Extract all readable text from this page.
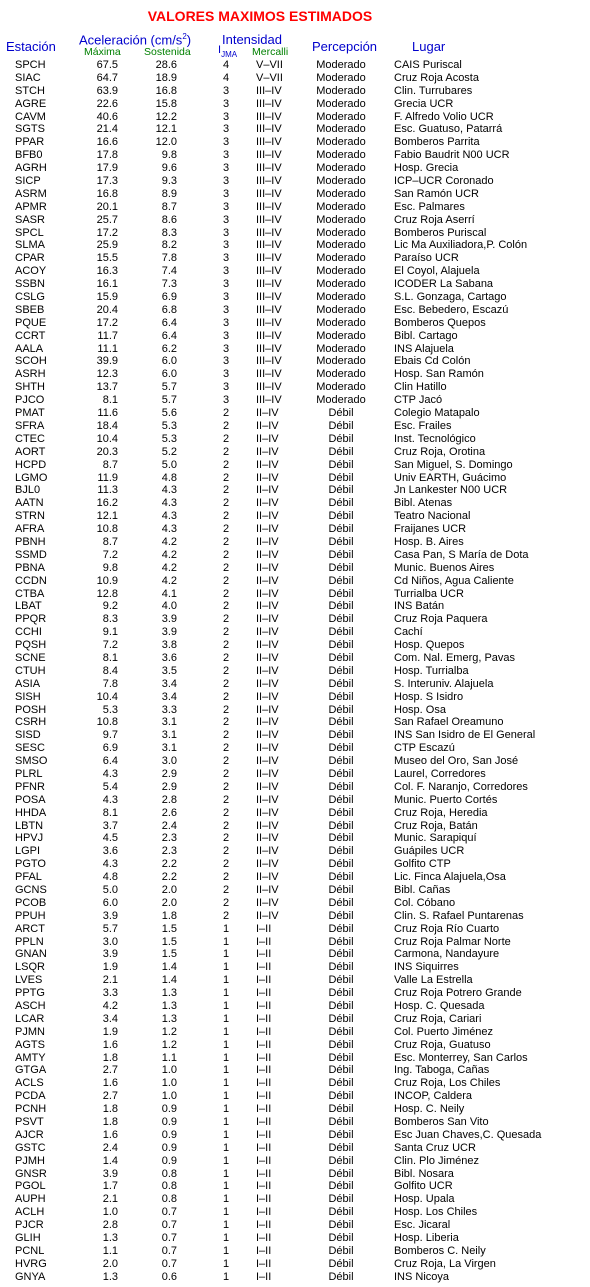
VALORES MAXIMOS ESTIMADOS
Estación Aceleración $(cm/s^2)$
Máxima Sostenida
Intensidad
$I_{JMA}$ Mercalli Percepción	Lugar
SPCH	67.5	28.6	4	V–VII	Moderado	CAIS Puriscal
SIAC	64.7	18.9	4	V–VII	Moderado	Cruz Roja Acosta
STCH	63.9	16.8	3	III–IV	Moderado	Clin. Turrubares
AGRE	22.6	15.8	3	III–IV	Moderado	Grecia UCR
CAVM	40.6	12.2	3	III–IV	Moderado	F. Alfredo Volio UCR
SGTS	21.4	12.1	3	III–IV	Moderado	Esc. Guatuso, Patarrá
PPAR	16.6	12.0	3	III–IV	Moderado	Bomberos Parrita
BFB0	17.8	9.8	3	III–IV	Moderado	Fabio Baudrit N00 UCR
AGRH	17.9	9.6	3	III–IV	Moderado	Hosp. Grecia
SICP	17.3	9.3	3	III–IV	Moderado	ICP–UCR Coronado
ASRM	16.8	8.9	3	III–IV	Moderado	San Ramón UCR
APMR	20.1	8.7	3	III–IV	Moderado	Esc. Palmares
SASR	25.7	8.6	3	III–IV	Moderado	Cruz Roja Aserrí
SPCL	17.2	8.3	3	III–IV	Moderado	Bomberos Puriscal
SLMA	25.9	8.2	3	III–IV	Moderado	Lic Ma Auxiliadora,P. Colón
CPAR	15.5	7.8	3	III–IV	Moderado	Paraíso UCR
ACOY	16.3	7.4	3	III–IV	Moderado	El Coyol, Alajuela
SSBN	16.1	7.3	3	III–IV	Moderado	ICODER La Sabana
CSLG	15.9	6.9	3	III–IV	Moderado	S.L. Gonzaga, Cartago
SBEB	20.4	6.8	3	III–IV	Moderado	Esc. Bebedero, Escazú
PQUE	17.2	6.4	3	III–IV	Moderado	Bomberos Quepos
CCRT	11.7	6.4	3	III–IV	Moderado	Bibl. Cartago
AALA	11.1	6.2	3	III–IV	Moderado	INS Alajuela
SCOH	39.9	6.0	3	III–IV	Moderado	Ebais Cd Colón
ASRH	12.3	6.0	3	III–IV	Moderado	Hosp. San Ramón
SHTH	13.7	5.7	3	III–IV	Moderado	Clin Hatillo
PJCO	8.1	5.7	3	III–IV	Moderado	CTP Jacó
PMAT	11.6	5.6	2	II–IV	Débil	Colegio Matapalo
SFRA	18.4	5.3	2	II–IV	Débil	Esc. Frailes
CTEC	10.4	5.3	2	II–IV	Débil	Inst. Tecnológico
AORT	20.3	5.2	2	II–IV	Débil	Cruz Roja, Orotina
HCPD	8.7	5.0	2	II–IV	Débil	San Miguel, S. Domingo
LGMO	11.9	4.8	2	II–IV	Débil	Univ EARTH, Guácimo
BJL0	11.3	4.3	2	II–IV	Débil	Jn Lankester N00 UCR
AATN	16.2	4.3	2	II–IV	Débil	Bibl. Atenas
STRN	12.1	4.3	2	II–IV	Débil	Teatro Nacional
AFRA	10.8	4.3	2	II–IV	Débil	Fraijanes UCR
PBNH	8.7	4.2	2	II–IV	Débil	Hosp. B. Aires
SSMD	7.2	4.2	2	II–IV	Débil	Casa Pan, S María de Dota
PBNA	9.8	4.2	2	II–IV	Débil	Munic. Buenos Aires
CCDN	10.9	4.2	2	II–IV	Débil	Cd Niños, Agua Caliente
CTBA	12.8	4.1	2	II–IV	Débil	Turrialba UCR
LBAT	9.2	4.0	2	II–IV	Débil	INS Batán
PPQR	8.3	3.9	2	II–IV	Débil	Cruz Roja Paquera
CCHI	9.1	3.9	2	II–IV	Débil	Cachí
PQSH	7.2	3.8	2	II–IV	Débil	Hosp. Quepos
SCNE	8.1	3.6	2	II–IV	Débil	Com. Nal. Emerg, Pavas
CTUH	8.4	3.5	2	II–IV	Débil	Hosp. Turrialba
ASIA	7.8	3.4	2	II–IV	Débil	S. Interuniv. Alajuela
SISH	10.4	3.4	2	II–IV	Débil	Hosp. S Isidro
POSH	5.3	3.3	2	II–IV	Débil	Hosp. Osa
CSRH	10.8	3.1	2	II–IV	Débil	San Rafael Oreamuno
SISD	9.7	3.1	2	II–IV	Débil	INS San Isidro de El General
SESC	6.9	3.1	2	II–IV	Débil	CTP Escazú
SMSO	6.4	3.0	2	II–IV	Débil	Museo del Oro, San José
PLRL	4.3	2.9	2	II–IV	Débil	Laurel, Corredores
PFNR	5.4	2.9	2	II–IV	Débil	Col. F. Naranjo, Corredores
POSA	4.3	2.8	2	II–IV	Débil	Munic. Puerto Cortés
HHDA	8.1	2.6	2	II–IV	Débil	Cruz Roja, Heredia
LBTN	3.7	2.4	2	II–IV	Débil	Cruz Roja, Batán
HPVJ	4.5	2.3	2	II–IV	Débil	Munic. Sarapiquí
LGPI	3.6	2.3	2	II–IV	Débil	Guápiles UCR
PGTO	4.3	2.2	2	II–IV	Débil	Golfito CTP
PFAL	4.8	2.2	2	II–IV	Débil	Lic. Finca Alajuela,Osa
GCNS	5.0	2.0	2	II–IV	Débil	Bibl. Cañas
PCOB	6.0	2.0	2	II–IV	Débil	Col. Cóbano
PPUH	3.9	1.8	2	II–IV	Débil	Clin. S. Rafael Puntarenas
ARCT	5.7	1.5	1	I–II	Débil	Cruz Roja Río Cuarto
PPLN	3.0	1.5	1	I–II	Débil	Cruz Roja Palmar Norte
GNAN	3.9	1.5	1	I–II	Débil	Carmona, Nandayure
LSQR	1.9	1.4	1	I–II	Débil	INS Siquirres
LVES	2.1	1.4	1	I–II	Débil	Valle La Estrella
PPTG	3.3	1.3	1	I–II	Débil	Cruz Roja Potrero Grande
ASCH	4.2	1.3	1	I–II	Débil	Hosp. C. Quesada
LCAR	3.4	1.3	1	I–II	Débil	Cruz Roja, Cariari
PJMN	1.9	1.2	1	I–II	Débil	Col. Puerto Jiménez
AGTS	1.6	1.2	1	I–II	Débil	Cruz Roja, Guatuso
AMTY	1.8	1.1	1	I–II	Débil	Esc. Monterrey, San Carlos
GTGA	2.7	1.0	1	I–II	Débil	Ing. Taboga, Cañas
ACLS	1.6	1.0	1	I–II	Débil	Cruz Roja, Los Chiles
PCDA	2.7	1.0	1	I–II	Débil	INCOP, Caldera
PCNH	1.8	0.9	1	I–II	Débil	Hosp. C. Neily
PSVT	1.8	0.9	1	I–II	Débil	Bomberos San Vito
AJCR	1.6	0.9	1	I–II	Débil	Esc Juan Chaves,C. Quesada
GSTC	2.4	0.9	1	I–II	Débil	Santa Cruz UCR
PJMH	1.4	0.9	1	I–II	Débil	Clin. Plo Jiménez
GNSR	3.9	0.8	1	I–II	Débil	Bibl. Nosara
PGOL	1.7	0.8	1	I–II	Débil	Golfito UCR
AUPH	2.1	0.8	1	I–II	Débil	Hosp. Upala
ACLH	1.0	0.7	1	I–II	Débil	Hosp. Los Chiles
PJCR	2.8	0.7	1	I–II	Débil	Esc. Jicaral
GLIH	1.3	0.7	1	I–II	Débil	Hosp. Liberia
PCNL	1.1	0.7	1	I–II	Débil	Bomberos C. Neily
HVRG	2.0	0.7	1	I–II	Débil	Cruz Roja, La Virgen
GNYA	1.3	0.6	1	I–II	Débil	INS Nicoya
